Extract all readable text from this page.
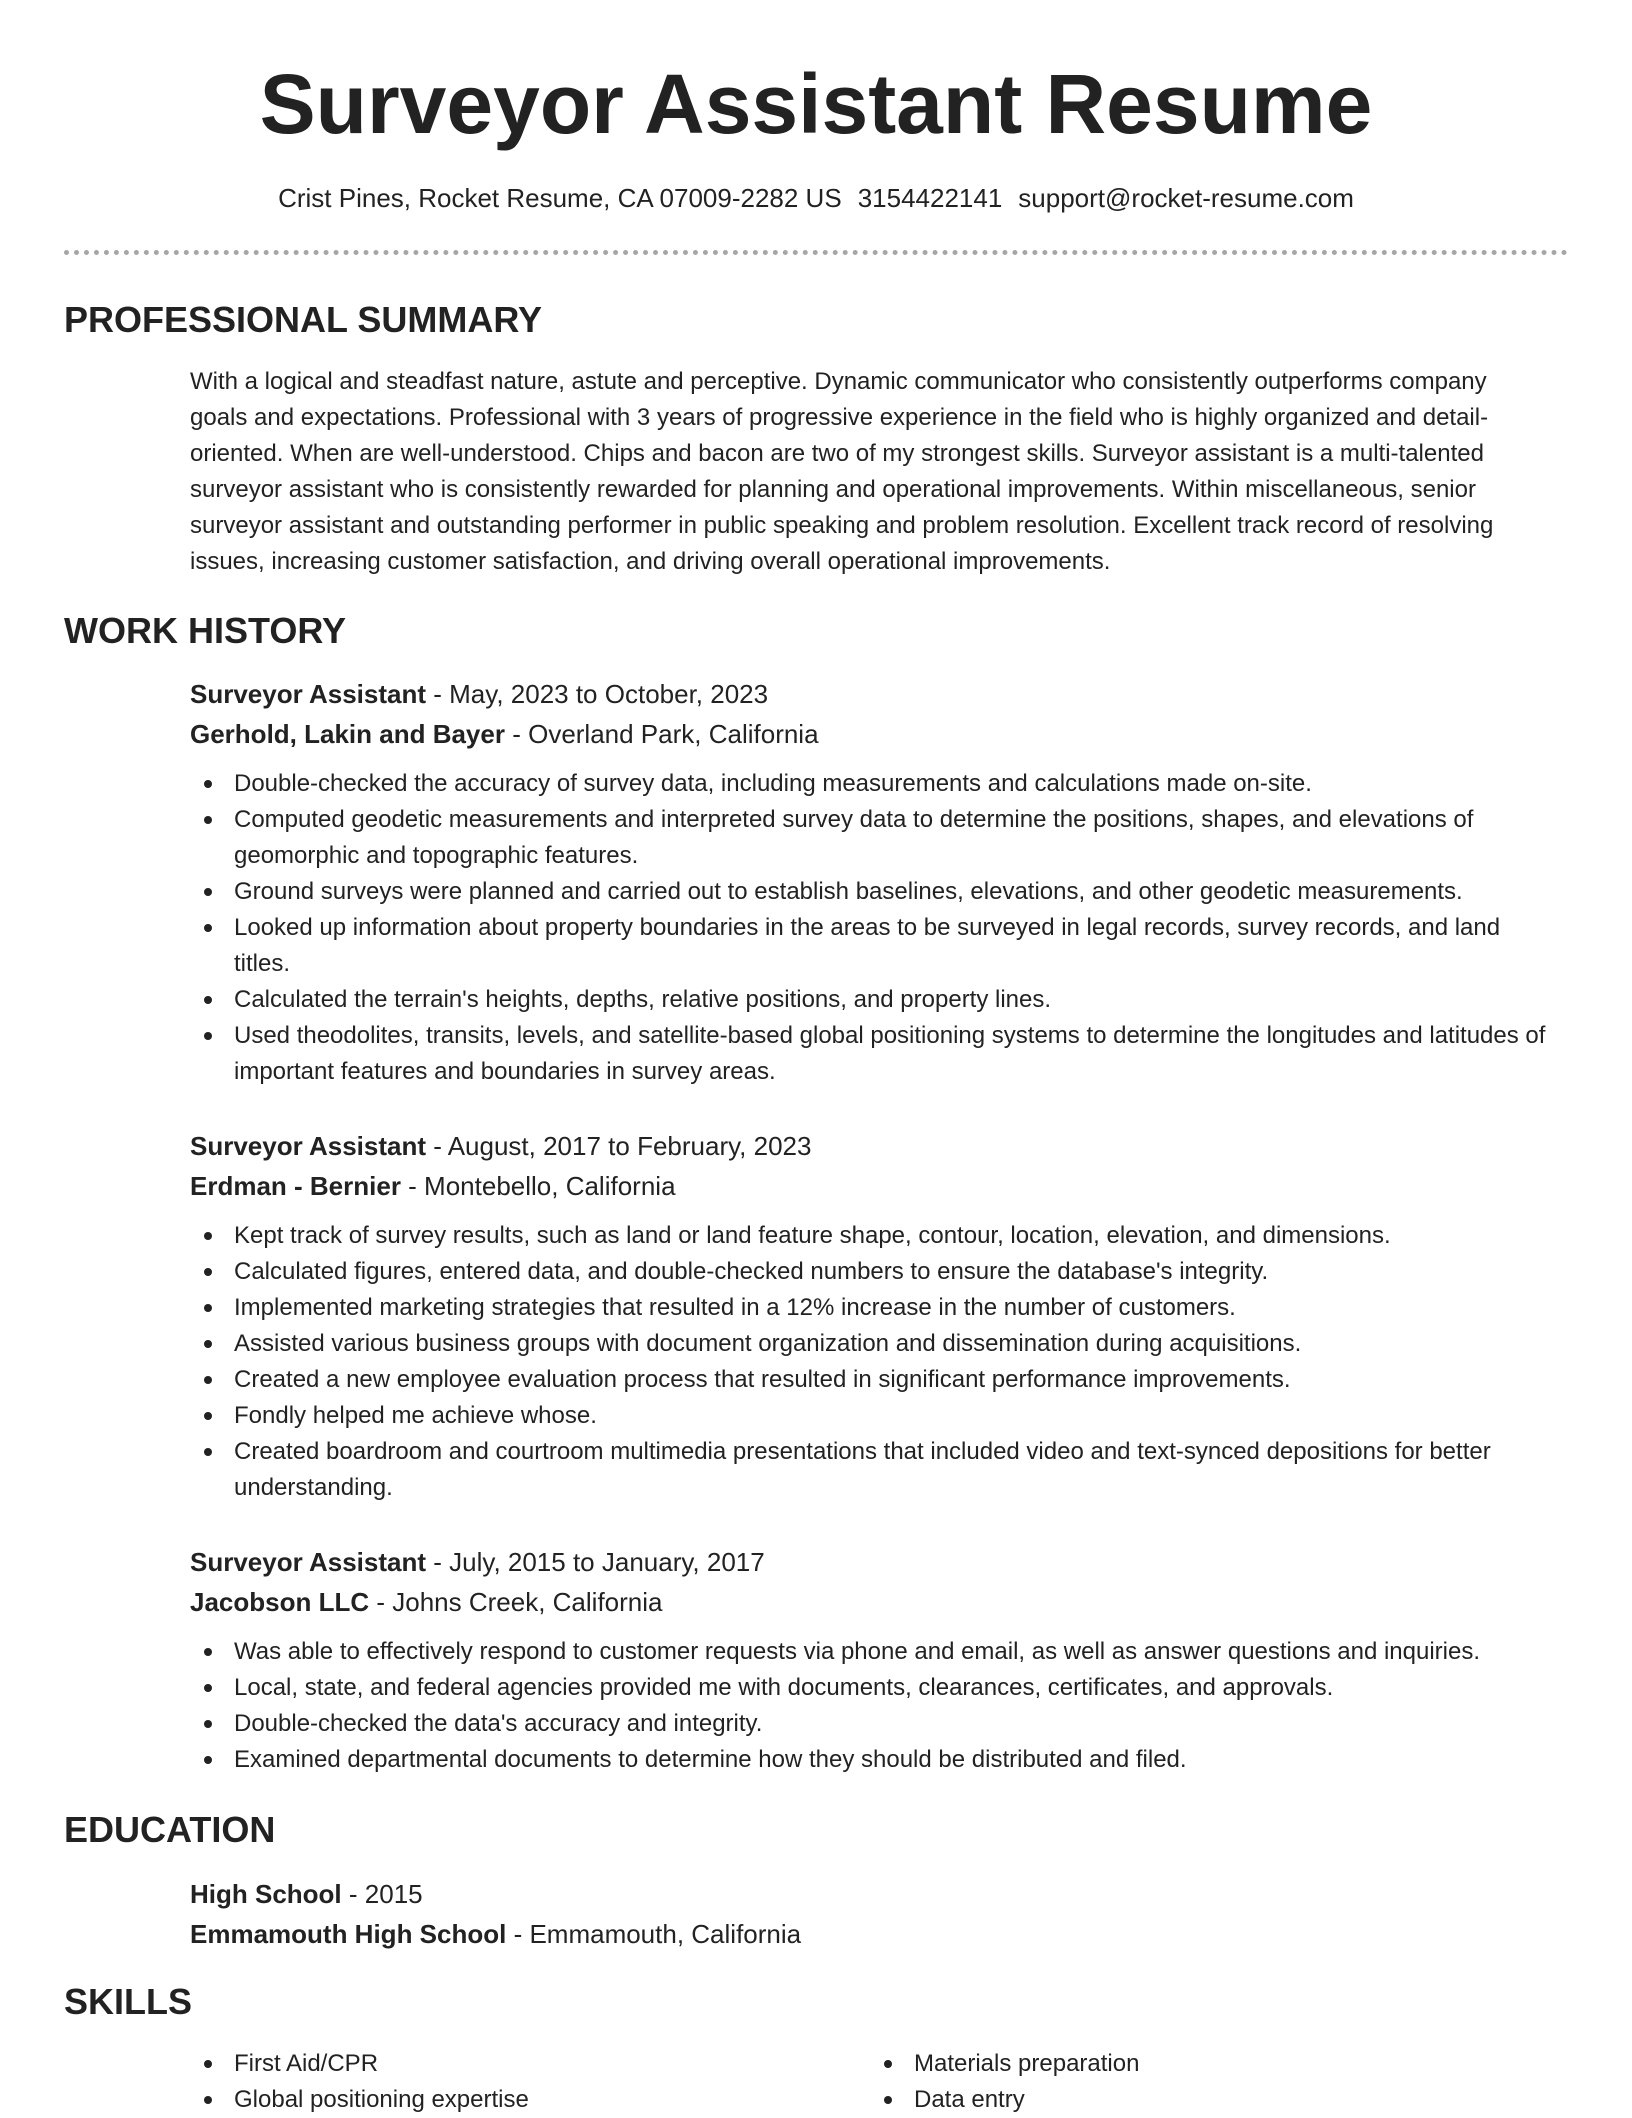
Surveyor Assistant Resume
Crist Pines, Rocket Resume, CA 07009-2282 US 3154422141 support@rocket-resume.com
PROFESSIONAL SUMMARY

With a logical and steadfast nature, astute and perceptive. Dynamic communicator who consistently outperforms company goals and expectations. Professional with 3 years of progressive experience in the field who is highly organized and detail-oriented. When are well-understood. Chips and bacon are two of my strongest skills. Surveyor assistant is a multi-talented surveyor assistant who is consistently rewarded for planning and operational improvements. Within miscellaneous, senior surveyor assistant and outstanding performer in public speaking and problem resolution. Excellent track record of resolving issues, increasing customer satisfaction, and driving overall operational improvements.

WORK HISTORY

Surveyor Assistant - May, 2023 to October, 2023

Gerhold, Lakin and Bayer - Overland Park, California

Double-checked the accuracy of survey data, including measurements and calculations made on-site.
Computed geodetic measurements and interpreted survey data to determine the positions, shapes, and elevations of geomorphic and topographic features.
Ground surveys were planned and carried out to establish baselines, elevations, and other geodetic measurements.
Looked up information about property boundaries in the areas to be surveyed in legal records, survey records, and land titles.
Calculated the terrain's heights, depths, relative positions, and property lines.
Used theodolites, transits, levels, and satellite-based global positioning systems to determine the longitudes and latitudes of important features and boundaries in survey areas.

Surveyor Assistant - August, 2017 to February, 2023

Erdman - Bernier - Montebello, California

Kept track of survey results, such as land or land feature shape, contour, location, elevation, and dimensions.
Calculated figures, entered data, and double-checked numbers to ensure the database's integrity.
Implemented marketing strategies that resulted in a 12% increase in the number of customers.
Assisted various business groups with document organization and dissemination during acquisitions.
Created a new employee evaluation process that resulted in significant performance improvements.
Fondly helped me achieve whose.
Created boardroom and courtroom multimedia presentations that included video and text-synced depositions for better understanding.

Surveyor Assistant - July, 2015 to January, 2017

Jacobson LLC - Johns Creek, California

Was able to effectively respond to customer requests via phone and email, as well as answer questions and inquiries.
Local, state, and federal agencies provided me with documents, clearances, certificates, and approvals.
Double-checked the data's accuracy and integrity.
Examined departmental documents to determine how they should be distributed and filed.
EDUCATION

High School - 2015

Emmamouth High School - Emmamouth, California

SKILLS
First Aid/CPR
Global positioning expertise
Materials preparation
Data entry
